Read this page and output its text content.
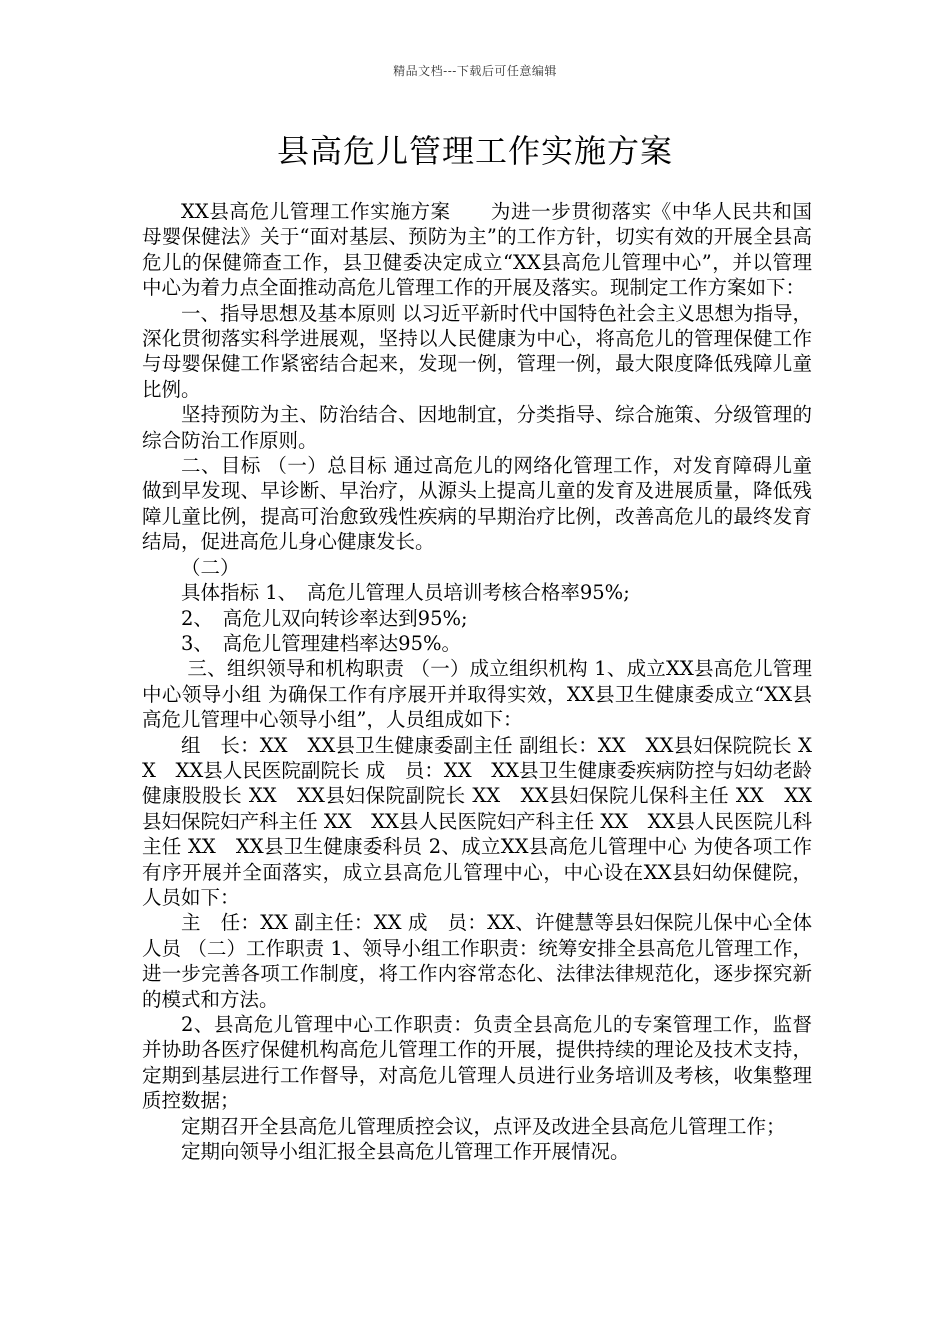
精品文档---下载后可任意编辑
县高危儿管理工作实施方案

XX县高危儿管理工作实施方案　　为进一步贯彻落实《中华人民共和国母婴保健法》关于“面对基层、预防为主”的工作方针，切实有效的开展全县高危儿的保健筛查工作，县卫健委决定成立“XX县高危儿管理中心”，并以管理中心为着力点全面推动高危儿管理工作的开展及落实。现制定工作方案如下：

一、指导思想及基本原则 以习近平新时代中国特色社会主义思想为指导，深化贯彻落实科学进展观，坚持以人民健康为中心，将高危儿的管理保健工作与母婴保健工作紧密结合起来，发现一例，管理一例，最大限度降低残障儿童比例。

坚持预防为主、防治结合、因地制宜，分类指导、综合施策、分级管理的综合防治工作原则。

二、目标 （一）总目标 通过高危儿的网络化管理工作，对发育障碍儿童做到早发现、早诊断、早治疗，从源头上提高儿童的发育及进展质量，降低残障儿童比例，提高可治愈致残性疾病的早期治疗比例，改善高危儿的最终发育结局，促进高危儿身心健康发长。

（二）

具体指标 1、　高危儿管理人员培训考核合格率95%;

2、　高危儿双向转诊率达到95%;

3、　高危儿管理建档率达95%。

三、组织领导和机构职责 （一）成立组织机构 1、成立XX县高危儿管理中心领导小组 为确保工作有序展开并取得实效，XX县卫生健康委成立“XX县高危儿管理中心领导小组”，人员组成如下：

组　长：XX　XX县卫生健康委副主任 副组长：XX　XX县妇保院院长 XX　XX县人民医院副院长 成　员：XX　XX县卫生健康委疾病防控与妇幼老龄健康股股长 XX　XX县妇保院副院长 XX　XX县妇保院儿保科主任 XX　XX县妇保院妇产科主任 XX　XX县人民医院妇产科主任 XX　XX县人民医院儿科主任 XX　XX县卫生健康委科员 2、成立XX县高危儿管理中心 为使各项工作有序开展并全面落实，成立县高危儿管理中心，中心设在XX县妇幼保健院，人员如下：

主　任：XX 副主任：XX 成　员：XX、许健慧等县妇保院儿保中心全体人员 （二）工作职责 1、领导小组工作职责：统筹安排全县高危儿管理工作，进一步完善各项工作制度，将工作内容常态化、法律法律规范化，逐步探究新的模式和方法。

2、县高危儿管理中心工作职责：负责全县高危儿的专案管理工作，监督并协助各医疗保健机构高危儿管理工作的开展，提供持续的理论及技术支持，定期到基层进行工作督导，对高危儿管理人员进行业务培训及考核，收集整理质控数据；

定期召开全县高危儿管理质控会议，点评及改进全县高危儿管理工作；

定期向领导小组汇报全县高危儿管理工作开展情况。
